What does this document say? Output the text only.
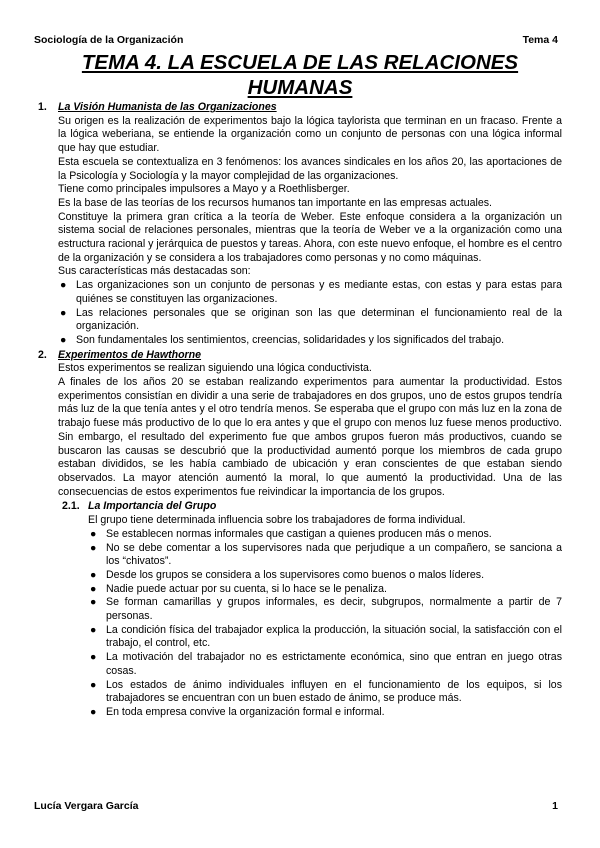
Sociología de la Organización	Tema 4
TEMA 4. LA ESCUELA DE LAS RELACIONES HUMANAS
1.	La Visión Humanista de las Organizaciones

Su origen es la realización de experimentos bajo la lógica taylorista que terminan en un fracaso. Frente a la lógica weberiana, se entiende la organización como un conjunto de personas con una lógica informal que hay que estudiar.

Esta escuela se contextualiza en 3 fenómenos: los avances sindicales en los años 20, las aportaciones de la Psicología y Sociología y la mayor complejidad de las organizaciones.

Tiene como principales impulsores a Mayo y a Roethlisberger.

Es la base de las teorías de los recursos humanos tan importante en las empresas actuales.

Constituye la primera gran crítica a la teoría de Weber. Este enfoque considera a la organización un sistema social de relaciones personales, mientras que la teoría de Weber ve a la organización como una estructura racional y jerárquica de puestos y tareas. Ahora, con este nuevo enfoque, el hombre es el centro de la organización y se considera a los trabajadores como personas y no como máquinas.

Sus características más destacadas son:

● Las organizaciones son un conjunto de personas y es mediante estas, con estas y para estas para quiénes se constituyen las organizaciones.
● Las relaciones personales que se originan son las que determinan el funcionamiento real de la organización.
● Son fundamentales los sentimientos, creencias, solidaridades y los significados del trabajo.
2.	Experimentos de Hawthorne

Estos experimentos se realizan siguiendo una lógica conductivista.

A finales de los años 20 se estaban realizando experimentos para aumentar la productividad. Estos experimentos consistían en dividir a una serie de trabajadores en dos grupos, uno de estos grupos tendría más luz de la que tenía antes y el otro tendría menos. Se esperaba que el grupo con más luz en la zona de trabajo fuese más productivo de lo que lo era antes y que el grupo con menos luz fuese menos productivo. Sin embargo, el resultado del experimento fue que ambos grupos fueron más productivos, cuando se buscaron las causas se descubrió que la productividad aumentó porque los miembros de cada grupo estaban divididos, se les había cambiado de ubicación y eran conscientes de que estaban siendo observados. La mayor atención aumentó la moral, lo que aumentó la productividad. Una de las consecuencias de estos experimentos fue reivindicar la importancia de los grupos.

2.1. La Importancia del Grupo

El grupo tiene determinada influencia sobre los trabajadores de forma individual.

● Se establecen normas informales que castigan a quienes producen más o menos.
● No se debe comentar a los supervisores nada que perjudique a un compañero, se sanciona a los “chivatos”.
● Desde los grupos se considera a los supervisores como buenos o malos líderes.
● Nadie puede actuar por su cuenta, si lo hace se le penaliza.
● Se forman camarillas y grupos informales, es decir, subgrupos, normalmente a partir de 7 personas.
● La condición física del trabajador explica la producción, la situación social, la satisfacción con el trabajo, el control, etc.
● La motivación del trabajador no es estrictamente económica, sino que entran en juego otras cosas.
● Los estados de ánimo individuales influyen en el funcionamiento de los equipos, si los trabajadores se encuentran con un buen estado de ánimo, se produce más.
● En toda empresa convive la organización formal e informal.
Lucía Vergara García	1
